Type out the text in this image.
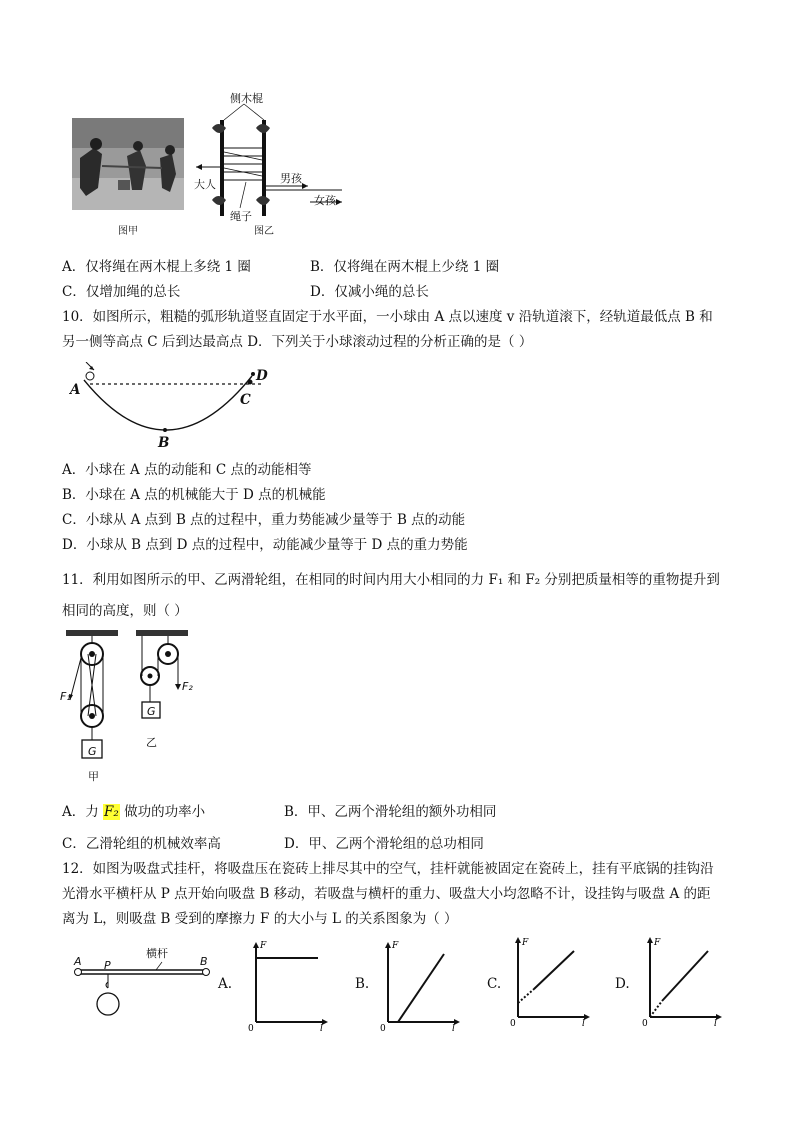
图甲
侧木棍
大人	男孩
女孩
绳子
图乙
A．仅将绳在两木棍上多绕 1 圈	B．仅将绳在两木棍上少绕 1 圈
C．仅增加绳的总长	D．仅减小绳的总长
10．如图所示，粗糙的弧形轨道竖直固定于水平面，一小球由 A 点以速度 v 沿轨道滚下，经轨道最低点 B 和
另一侧等高点 C 后到达最高点 D．下列关于小球滚动过程的分析正确的是（ ）
A
B
C
D
A．小球在 A 点的动能和 C 点的动能相等
B．小球在 A 点的机械能大于 D 点的机械能
C．小球从 A 点到 B 点的过程中，重力势能减少量等于 B 点的动能
D．小球从 B 点到 D 点的过程中，动能减少量等于 D 点的重力势能
11．利用如图所示的甲、乙两滑轮组，在相同的时间内用大小相同的力 F₁ 和 F₂ 分别把质量相等的重物提升到
相同的高度，则（ ）
F₁
F₂
G
G
甲
乙
A．力 F₂ 做功的功率小	B．甲、乙两个滑轮组的额外功相同
C．乙滑轮组的机械效率高	D．甲、乙两个滑轮组的总功相同
12．如图为吸盘式挂杆，将吸盘压在瓷砖上排尽其中的空气，挂杆就能被固定在瓷砖上，挂有平底锅的挂钩沿
光滑水平横杆从 P 点开始向吸盘 B 移动，若吸盘与横杆的重力、吸盘大小均忽略不计，设挂钩与吸盘 A 的距
离为 L，则吸盘 B 受到的摩擦力 F 的大小与 L 的关系图象为（ ）
A P	B
横杆
A.	B.	C.	D.
F
0	l
F
0	l
F
0	l
F
0	l
